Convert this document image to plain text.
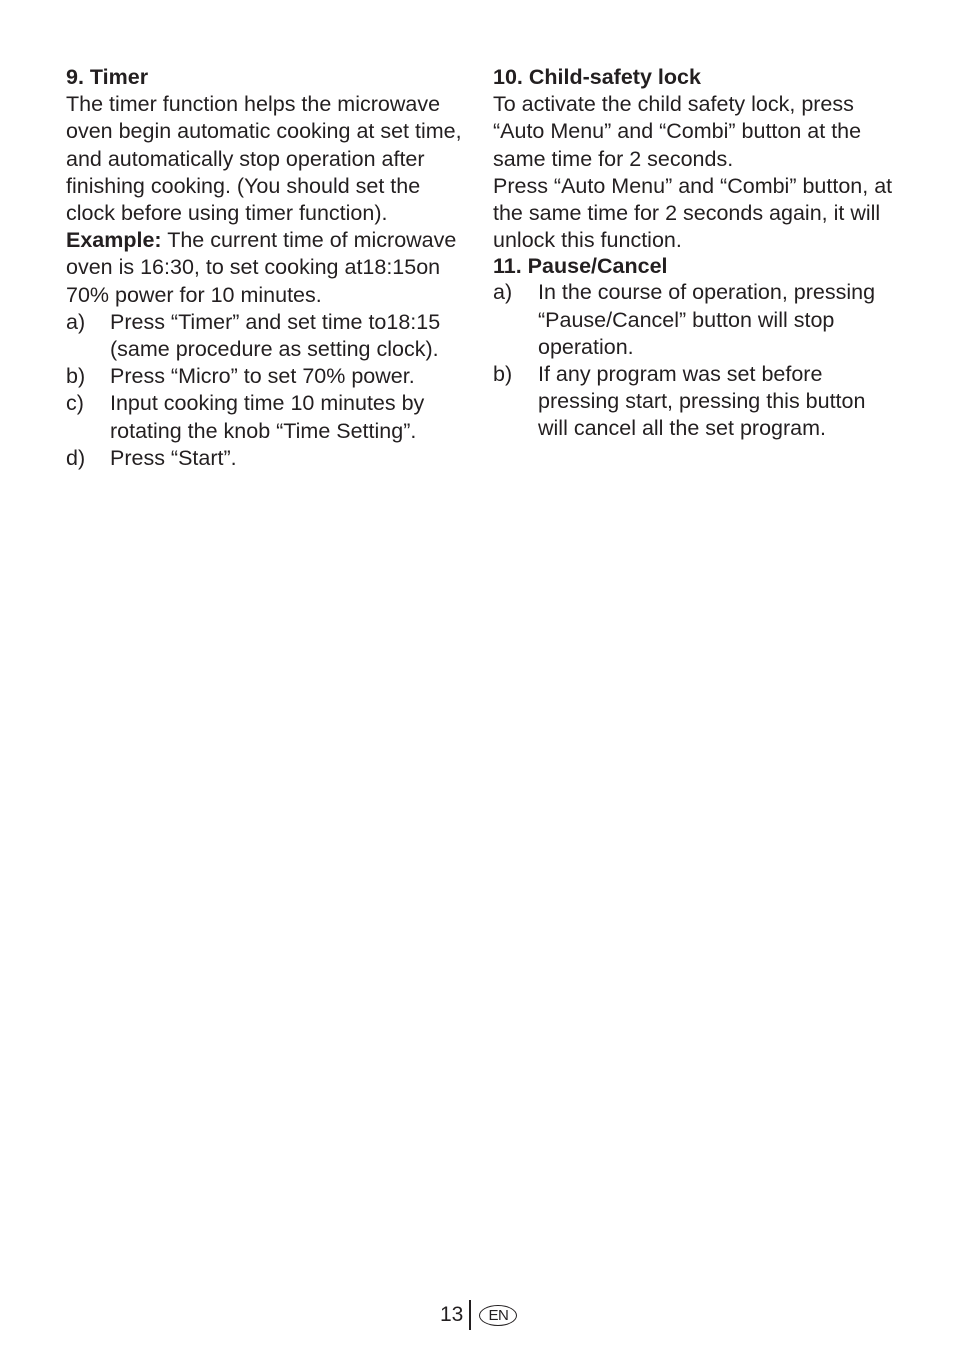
9. Timer

The timer function helps the microwave oven begin automatic cooking at set time, and automatically stop operation after finishing cooking. (You should set the clock before using timer function).

Example: The current time of microwave oven is 16:30, to set cooking at18:15on 70% power for 10 minutes.

a) Press “Timer” and set time to18:15 (same procedure as setting clock).
b) Press “Micro” to set 70% power.
c) Input cooking time 10 minutes by rotating the knob “Time Setting”.
d) Press “Start”.

10. Child-safety lock

To activate the child safety lock, press “Auto Menu” and “Combi” button at the same time for 2 seconds.

Press “Auto Menu” and “Combi” button, at the same time for 2 seconds again, it will unlock this function.

11. Pause/Cancel

a) In the course of operation, pressing “Pause/Cancel” button will stop operation.
b) If any program was set before pressing start, pressing this button will cancel all the set program.
13	EN
